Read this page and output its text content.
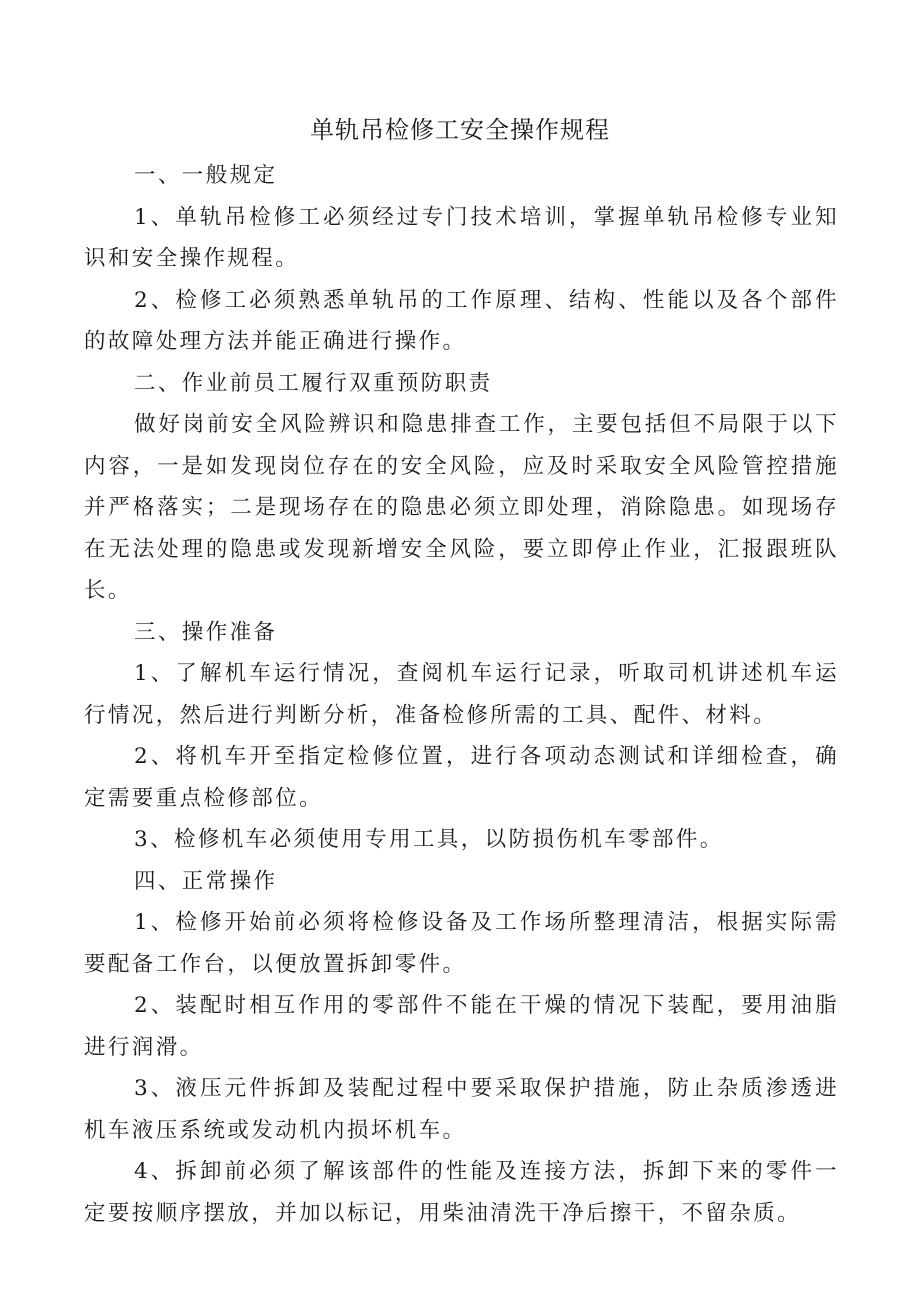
单轨吊检修工安全操作规程

一、一般规定

1、单轨吊检修工必须经过专门技术培训，掌握单轨吊检修专业知识和安全操作规程。

2、检修工必须熟悉单轨吊的工作原理、结构、性能以及各个部件的故障处理方法并能正确进行操作。

二、作业前员工履行双重预防职责

做好岗前安全风险辨识和隐患排查工作，主要包括但不局限于以下内容，一是如发现岗位存在的安全风险，应及时采取安全风险管控措施并严格落实；二是现场存在的隐患必须立即处理，消除隐患。如现场存在无法处理的隐患或发现新增安全风险，要立即停止作业，汇报跟班队长。

三、操作准备

1、了解机车运行情况，查阅机车运行记录，听取司机讲述机车运行情况，然后进行判断分析，准备检修所需的工具、配件、材料。

2、将机车开至指定检修位置，进行各项动态测试和详细检查，确定需要重点检修部位。

3、检修机车必须使用专用工具，以防损伤机车零部件。

四、正常操作

1、检修开始前必须将检修设备及工作场所整理清洁，根据实际需要配备工作台，以便放置拆卸零件。

2、装配时相互作用的零部件不能在干燥的情况下装配，要用油脂进行润滑。

3、液压元件拆卸及装配过程中要采取保护措施，防止杂质渗透进机车液压系统或发动机内损坏机车。

4、拆卸前必须了解该部件的性能及连接方法，拆卸下来的零件一定要按顺序摆放，并加以标记，用柴油清洗干净后擦干，不留杂质。
